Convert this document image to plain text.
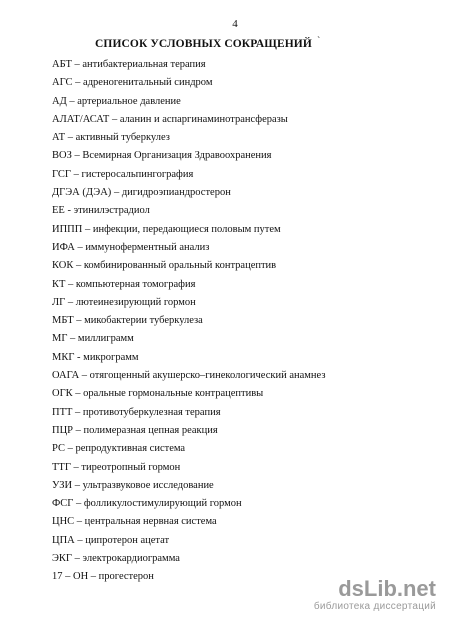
4
СПИСОК УСЛОВНЫХ СОКРАЩЕНИЙ `
АБТ – антибактериальная терапия
АГС – адреногенитальный синдром
АД – артериальное давление
АЛАТ/АСАТ – аланин и аспаргинаминотрансферазы
АТ – активный туберкулез
ВОЗ – Всемирная Организация Здравоохранения
ГСГ – гистеросальпингография
ДГЭА (ДЭА) – дигидроэпиандростерон
ЕЕ - этинилэстрадиол
ИППП – инфекции, передающиеся половым путем
ИФА – иммуноферментный анализ
КОК – комбинированный оральный контрацептив
КТ – компьютерная томография
ЛГ – лютеинезирующий гормон
МБТ – микобактерии туберкулеза
МГ – миллиграмм
МКГ - микрограмм
ОАГА – отягощенный акушерско–гинекологический анамнез
ОГК – оральные гормональные контрацептивы
ПТТ – противотуберкулезная терапия
ПЦР – полимеразная цепная реакция
РС – репродуктивная система
ТТГ – тиреотропный гормон
УЗИ – ультразвуковое исследование
ФСГ – фолликулостимулирующий гормон
ЦНС – центральная нервная система
ЦПА – ципротерон ацетат
ЭКГ – электрокардиограмма
17 – ОН – прогестерон	dsLib.net
библиотека диссертаций
